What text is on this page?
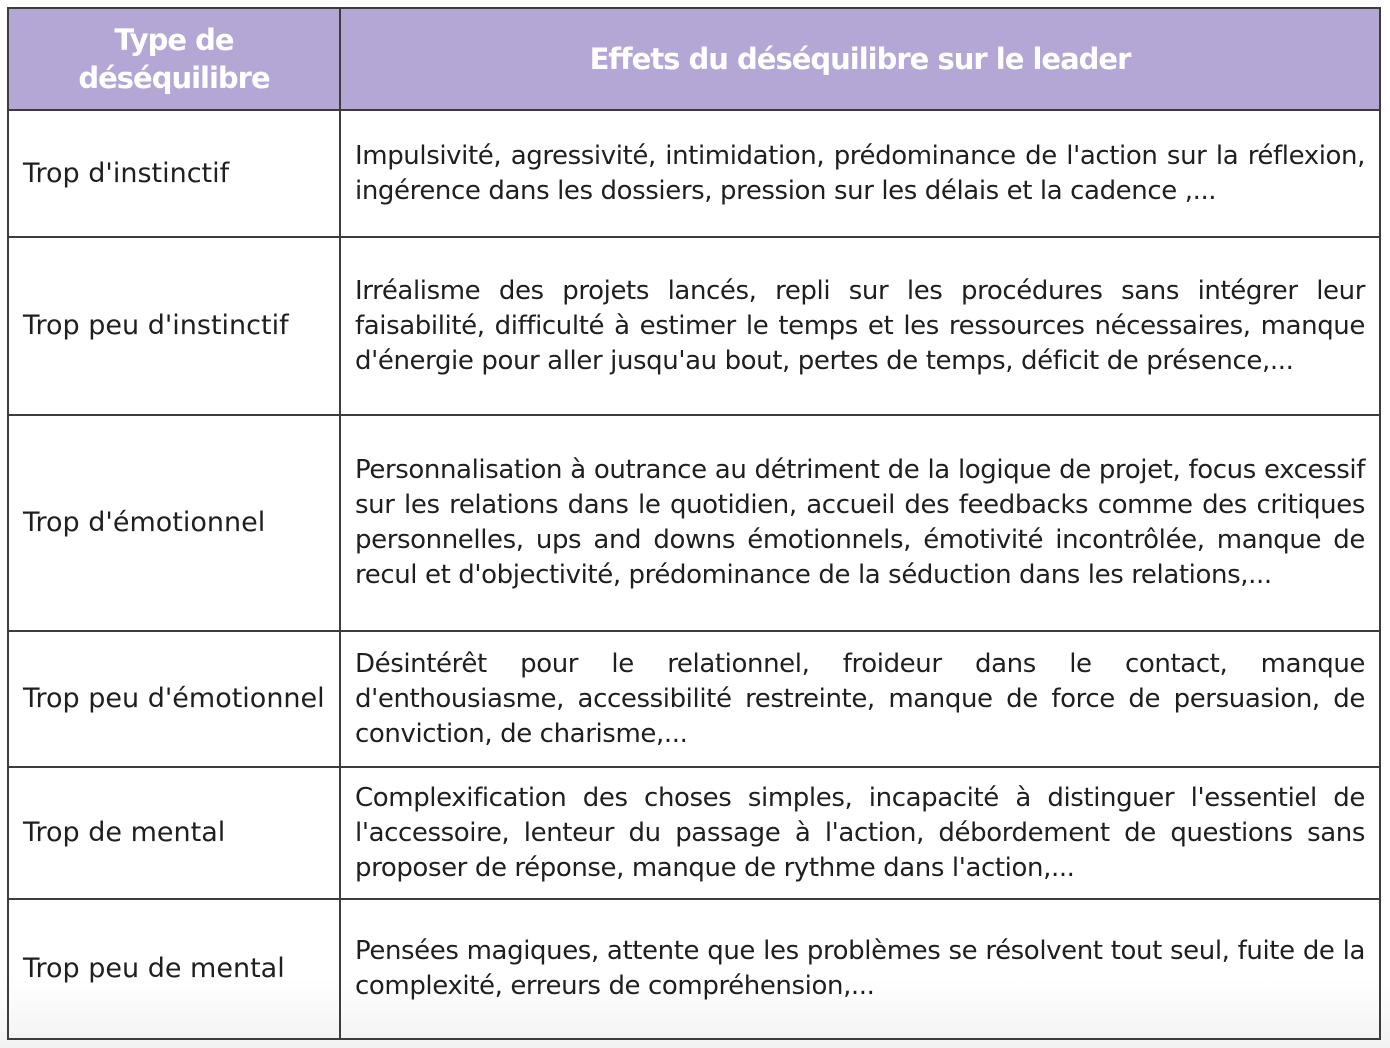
Type de déséquilibre	Effets du déséquilibre sur le leader
Trop d'instinctif	Impulsivité, agressivité, intimidation, prédominance de l'action sur la réflexion, ingérence dans les dossiers, pression sur les délais et la cadence ,...
Trop peu d'instinctif	Irréalisme des projets lancés, repli sur les procédures sans intégrer leur faisabilité, difficulté à estimer le temps et les ressources nécessaires, manque d'énergie pour aller jusqu'au bout, pertes de temps, déficit de présence,...
Trop d'émotionnel	Personnalisation à outrance au détriment de la logique de projet, focus excessif sur les relations dans le quotidien, accueil des feedbacks comme des critiques personnelles, ups and downs émotionnels, émotivité incontrôlée, manque de recul et d'objectivité, prédominance de la séduction dans les relations,...
Trop peu d'émotionnel	Désintérêt pour le relationnel, froideur dans le contact, manque d'enthousiasme, accessibilité restreinte, manque de force de persuasion, de conviction, de charisme,...
Trop de mental	Complexification des choses simples, incapacité à distinguer l'essentiel de l'accessoire, lenteur du passage à l'action, débordement de questions sans proposer de réponse, manque de rythme dans l'action,...
Trop peu de mental	Pensées magiques, attente que les problèmes se résolvent tout seul, fuite de la complexité, erreurs de compréhension,...
